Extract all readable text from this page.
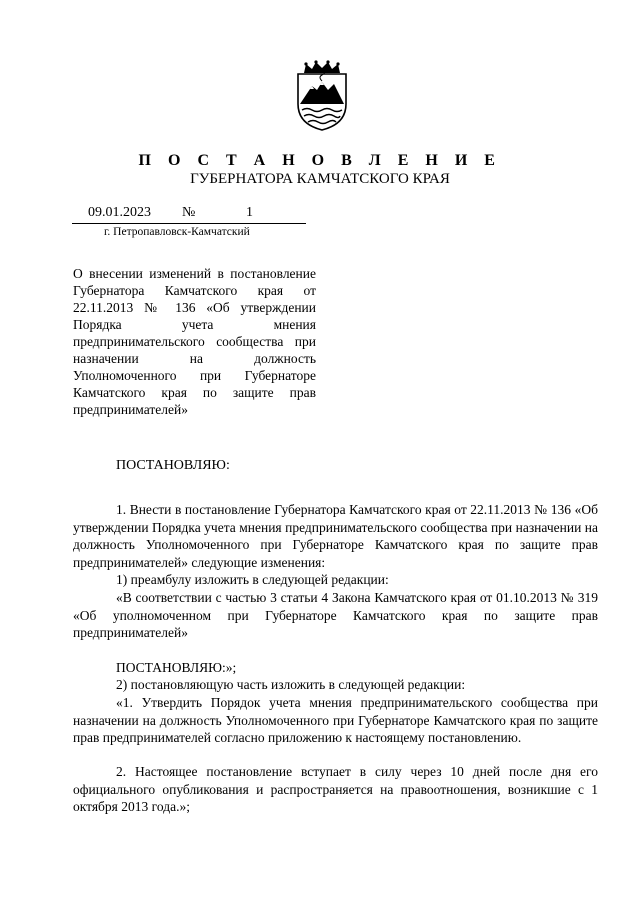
П О С Т А Н О В Л Е Н И Е
ГУБЕРНАТОРА КАМЧАТСКОГО КРАЯ
09.01.2023 №	1
г. Петропавловск-Камчатский

О внесении изменений в постановление Губернатора Камчатского края от 22.11.2013 № 136 «Об утверждении Порядка учета мнения предпринимательского сообщества при назначении на должность Уполномоченного при Губернаторе Камчатского края по защите прав предпринимателей»

ПОСТАНОВЛЯЮ:

1. Внести в постановление Губернатора Камчатского края от 22.11.2013 № 136 «Об утверждении Порядка учета мнения предпринимательского сообщества при назначении на должность Уполномоченного при Губернаторе Камчатского края по защите прав предпринимателей» следующие изменения:

1) преамбулу изложить в следующей редакции:

«В соответствии с частью 3 статьи 4 Закона Камчатского края от 01.10.2013 № 319 «Об уполномоченном при Губернаторе Камчатского края по защите прав предпринимателей»

ПОСТАНОВЛЯЮ:»;

2) постановляющую часть изложить в следующей редакции:

«1. Утвердить Порядок учета мнения предпринимательского сообщества при назначении на должность Уполномоченного при Губернаторе Камчатского края по защите прав предпринимателей согласно приложению к настоящему постановлению.

2. Настоящее постановление вступает в силу через 10 дней после дня его официального опубликования и распространяется на правоотношения, возникшие с 1 октября 2013 года.»;
